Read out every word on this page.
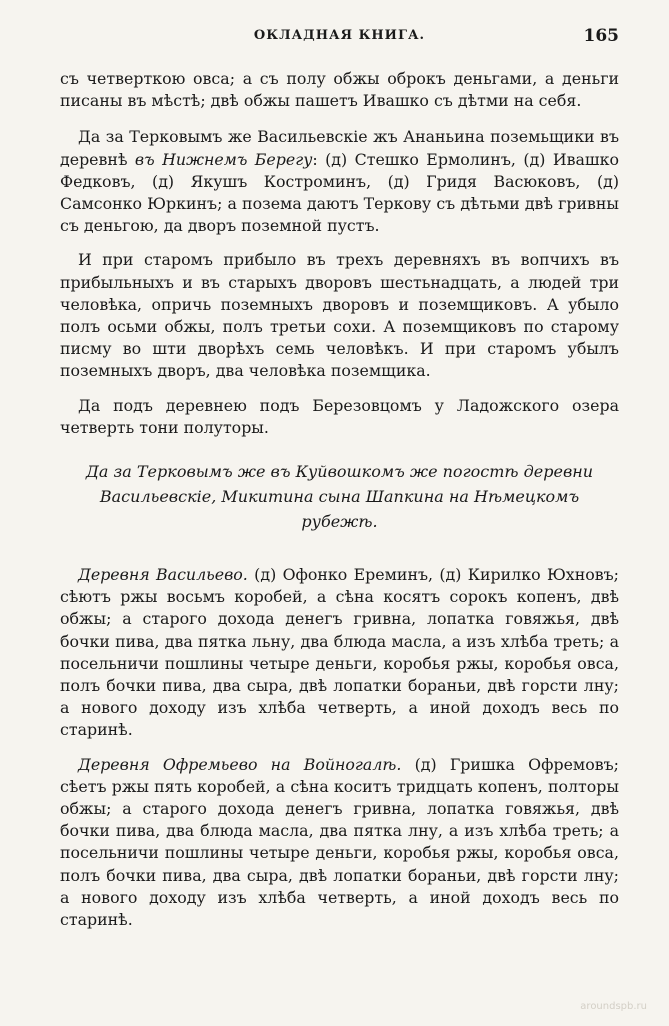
ОКЛАДНАЯ КНИГА.	165

съ четверткою овса; а съ полу обжы оброкъ деньгами, а деньги писаны въ мѣстѣ; двѣ обжы пашетъ Ивашко съ дѣтми на себя.

Да за Терковымъ же Васильевскіе жъ Ананьина поземьщики въ деревнѣ въ Нижнемъ Берегу: (д) Стешко Ермолинъ, (д) Ивашко Федковъ, (д) Якушъ Костроминъ, (д) Гридя Васюковъ, (д) Самсонко Юркинъ; а позема даютъ Теркову съ дѣтьми двѣ гривны съ деньгою, да дворъ поземной пустъ.

И при старомъ прибыло въ трехъ деревняхъ въ вопчихъ въ прибыльныхъ и въ старыхъ дворовъ шестьнадцать, а людей три человѣка, опричь поземныхъ дворовъ и поземщиковъ. А убыло полъ осьми обжы, полъ третьи сохи. А поземщиковъ по старому писму во шти дворѣхъ семь человѣкъ. И при старомъ убылъ поземныхъ дворъ, два человѣка поземщика.

Да подъ деревнею подъ Березовцомъ у Ладожского озера четверть тони полуторы.

Да за Терковымъ же въ Куйвошкомъ же погостѣ деревни Васильевскіе, Микитина сына Шапкина на Нѣмецкомъ рубежѣ.

Деревня Васильево. (д) Офонко Ереминъ, (д) Кирилко Юхновъ; сѣютъ ржы восьмъ коробей, а сѣна косятъ сорокъ копенъ, двѣ обжы; а старого дохода денегъ гривна, лопатка говяжья, двѣ бочки пива, два пятка льну, два блюда масла, а изъ хлѣба треть; а посельничи пошлины четыре деньги, коробья ржы, коробья овса, полъ бочки пива, два сыра, двѣ лопатки бораньи, двѣ горсти лну; а нового доходу изъ хлѣба четверть, а иной доходъ весь по старинѣ.

Деревня Офремьево на Войногалѣ. (д) Гришка Офремовъ; сѣетъ ржы пять коробей, а сѣна коситъ тридцать копенъ, полторы обжы; а старого дохода денегъ гривна, лопатка говяжья, двѣ бочки пива, два блюда масла, два пятка лну, а изъ хлѣба треть; а посельничи пошлины четыре деньги, коробья ржы, коробья овса, полъ бочки пива, два сыра, двѣ лопатки бораньи, двѣ горсти лну; а нового доходу изъ хлѣба четверть, а иной доходъ весь по старинѣ.

aroundspb.ru
